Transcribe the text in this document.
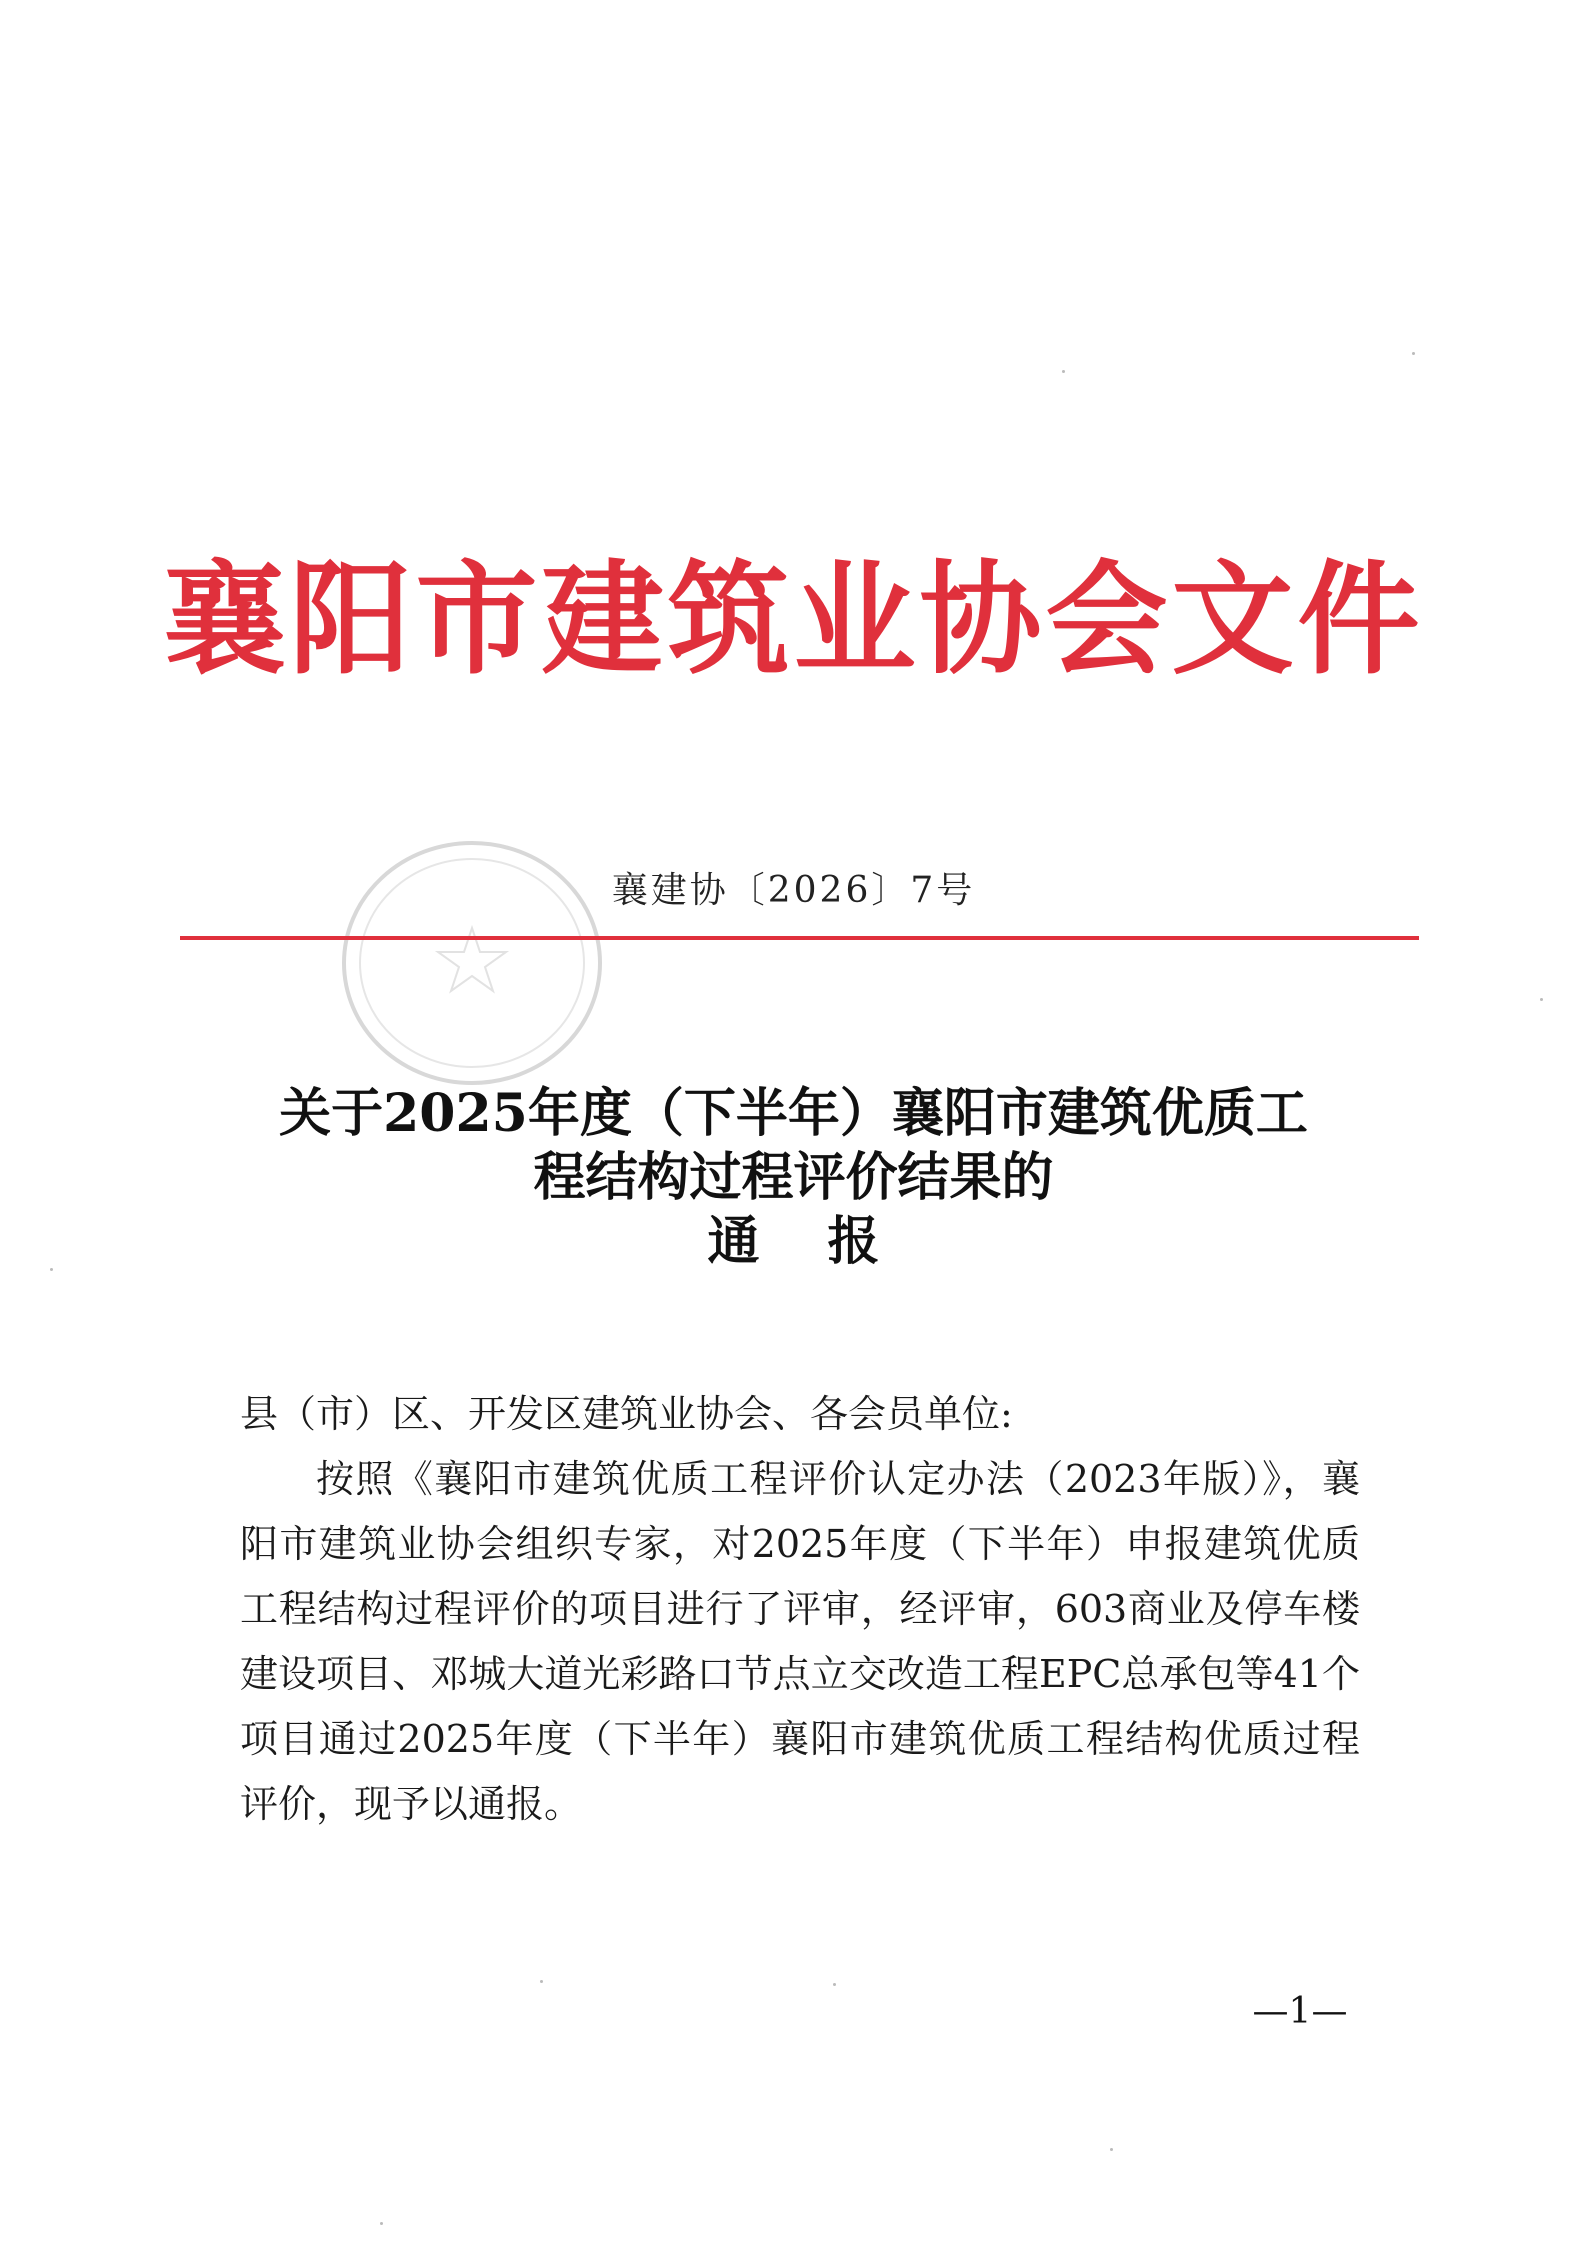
襄阳市建筑业协会文件
襄建协〔2026〕7号
关于2025年度（下半年）襄阳市建筑优质工
程结构过程评价结果的
通 报
县（市）区、开发区建筑业协会、各会员单位:
按照《襄阳市建筑优质工程评价认定办法（2023年版）》，襄阳市建筑业协会组织专家，对2025年度（下半年）申报建筑优质工程结构过程评价的项目进行了评审，经评审，603商业及停车楼建设项目、邓城大道光彩路口节点立交改造工程EPC总承包等41个项目通过2025年度（下半年）襄阳市建筑优质工程结构优质过程评价，现予以通报。
—1—
